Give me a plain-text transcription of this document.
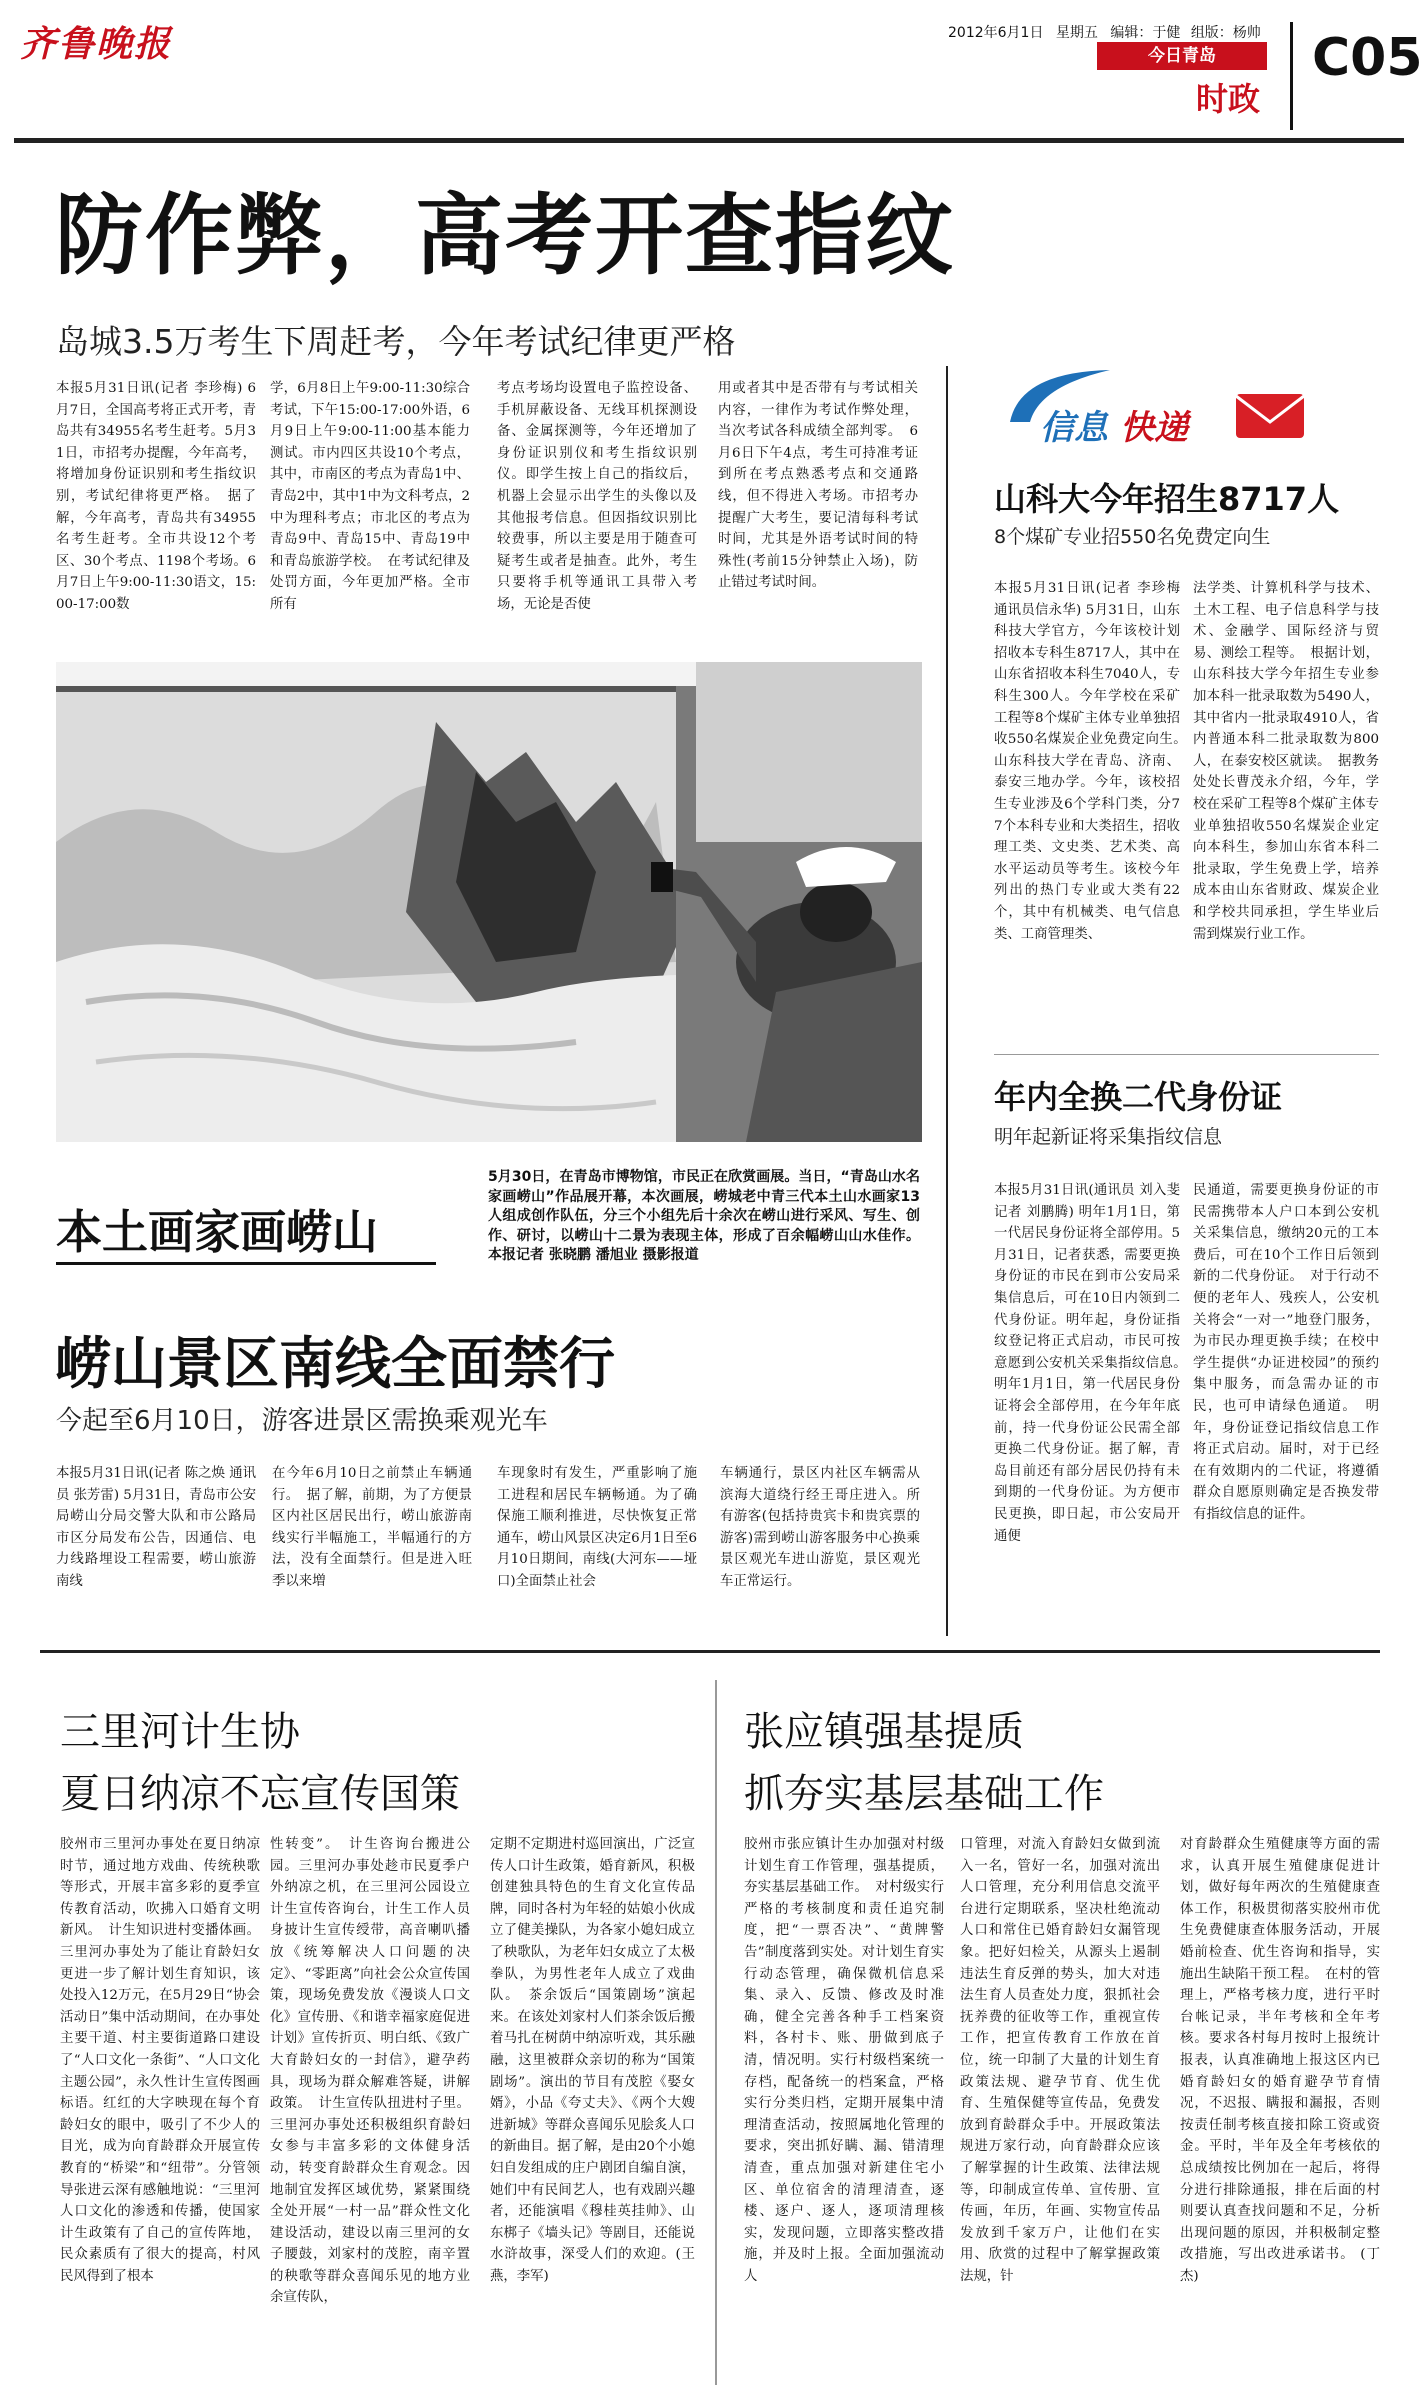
齐鲁晚报	2012年6月1日 星期五 编辑：于健 组版：杨帅
今日青岛
时政
C05
防作弊，高考开查指纹
岛城3.5万考生下周赶考，今年考试纪律更严格
本报5月31日讯(记者 李珍梅) 6月7日，全国高考将正式开考，青岛共有34955名考生赶考。5月31日，市招考办提醒，今年高考，将增加身份证识别和考生指纹识别，考试纪律将更严格。　据了解，今年高考，青岛共有34955名考生赶考。全市共设12个考区、30个考点、1198个考场。6月7日上午9:00-11:30语文，15:00-17:00数
学，6月8日上午9:00-11:30综合考试，下午15:00-17:00外语，6月9日上午9:00-11:00基本能力测试。市内四区共设10个考点，其中，市南区的考点为青岛1中、青岛2中，其中1中为文科考点，2中为理科考点；市北区的考点为青岛9中、青岛15中、青岛19中和青岛旅游学校。　在考试纪律及处罚方面，今年更加严格。全市所有
考点考场均设置电子监控设备、手机屏蔽设备、无线耳机探测设备、金属探测等，今年还增加了身份证识别仪和考生指纹识别仪。即学生按上自己的指纹后，机器上会显示出学生的头像以及其他报考信息。但因指纹识别比较费事，所以主要是用于随查可疑考生或者是抽查。此外，考生只要将手机等通讯工具带入考场，无论是否使
用或者其中是否带有与考试相关内容，一律作为考试作弊处理，当次考试各科成绩全部判零。　6月6日下午4点，考生可持准考证到所在考点熟悉考点和交通路线，但不得进入考场。市招考办提醒广大考生，要记清每科考试时间，尤其是外语考试时间的特殊性(考前15分钟禁止入场)，防止错过考试时间。
本土画家画崂山
5月30日，在青岛市博物馆，市民正在欣赏画展。当日，“青岛山水名家画崂山”作品展开幕，本次画展，崂城老中青三代本土山水画家13人组成创作队伍，分三个小组先后十余次在崂山进行采风、写生、创作、研讨，以崂山十二景为表现主体，形成了百余幅崂山山水佳作。 本报记者 张晓鹏 潘旭业 摄影报道
崂山景区南线全面禁行
今起至6月10日，游客进景区需换乘观光车
本报5月31日讯(记者 陈之焕 通讯员 张芳雷) 5月31日，青岛市公安局崂山分局交警大队和市公路局市区分局发布公告，因通信、电力线路埋设工程需要，崂山旅游南线
在今年6月10日之前禁止车辆通行。　据了解，前期，为了方便景区内社区居民出行，崂山旅游南线实行半幅施工，半幅通行的方法，没有全面禁行。但是进入旺季以来増
车现象时有发生，严重影响了施工进程和居民车辆畅通。为了确保施工顺利推进，尽快恢复正常通车，崂山风景区决定6月1日至6月10日期间，南线(大河东——垭口)全面禁止社会
车辆通行，景区内社区车辆需从滨海大道绕行经王哥庄进入。所有游客(包括持贵宾卡和贵宾票的游客)需到崂山游客服务中心换乘景区观光车进山游览，景区观光车正常运行。
信息 快递
山科大今年招生8717人
8个煤矿专业招550名免费定向生
本报5月31日讯(记者 李珍梅 通讯员信永华) 5月31日，山东科技大学官方，今年该校计划招收本专科生8717人，其中在山东省招收本科生7040人，专科生300人。今年学校在采矿工程等8个煤矿主体专业单独招收550名煤炭企业免费定向生。　山东科技大学在青岛、济南、泰安三地办学。今年，该校招生专业涉及6个学科门类，分77个本科专业和大类招生，招收理工类、文史类、艺术类、高水平运动员等考生。该校今年列出的热门专业或大类有22个，其中有机械类、电气信息类、工商管理类、
法学类、计算机科学与技术、土木工程、电子信息科学与技术、金融学、国际经济与贸易、测绘工程等。　根据计划，山东科技大学今年招生专业参加本科一批录取数为5490人，其中省内一批录取4910人，省内普通本科二批录取数为800人，在泰安校区就读。　据教务处处长曹茂永介绍，今年，学校在采矿工程等8个煤矿主体专业单独招收550名煤炭企业定向本科生，参加山东省本科二批录取，学生免费上学，培养成本由山东省财政、煤炭企业和学校共同承担，学生毕业后需到煤炭行业工作。
年内全换二代身份证
明年起新证将采集指纹信息
本报5月31日讯(通讯员 刘入斐 记者 刘鹏腾) 明年1月1日，第一代居民身份证将全部停用。5月31日，记者获悉，需要更换身份证的市民在到市公安局采集信息后，可在10日内领到二代身份证。明年起，身份证指纹登记将正式启动，市民可按意愿到公安机关采集指纹信息。　明年1月1日，第一代居民身份证将会全部停用，在今年年底前，持一代身份证公民需全部更换二代身份证。据了解，青岛目前还有部分居民仍持有未到期的一代身份证。为方便市民更换，即日起，市公安局开通便
民通道，需要更换身份证的市民需携带本人户口本到公安机关采集信息，缴纳20元的工本费后，可在10个工作日后领到新的二代身份证。　对于行动不便的老年人、残疾人，公安机关将会“一对一”地登门服务，为市民办理更换手续；在校中学生提供“办证进校园”的预约集中服务，而急需办证的市民，也可申请绿色通道。　明年，身份证登记指纹信息工作将正式启动。届时，对于已经在有效期内的二代证，将遵循群众自愿原则确定是否换发带有指纹信息的证件。
三里河计生协
夏日纳凉不忘宣传国策
胶州市三里河办事处在夏日纳凉时节，通过地方戏曲、传统秧歌等形式，开展丰富多彩的夏季宣传教育活动，吹拂入口婚育文明新风。　计生知识进村变播体画。三里河办事处为了能让育龄妇女更进一步了解计划生育知识，该处投入12万元，在5月29日“协会活动日”集中活动期间，在办事处主要干道、村主要街道路口建设了“人口文化一条街”、“人口文化主题公园”，永久性计生宣传图画标语。红红的大字映现在每个育龄妇女的眼中，吸引了不少人的目光，成为向育龄群众开展宣传教育的“桥梁”和“纽带”。分管领导张进云深有感触地说：“三里河人口文化的渗透和传播，使国家计生政策有了自己的宣传阵地，民众素质有了很大的提高，村风民风得到了根本
性转变”。　计生咨询台搬进公园。三里河办事处趁市民夏季户外纳凉之机，在三里河公园设立计生宣传咨询台，计生工作人员身披计生宣传绶带，高音喇叭播放《统筹解决人口问题的决定》、“零距离”向社会公众宣传国策，现场免费发放《漫谈人口文化》宣传册、《和谐幸福家庭促进计划》宣传折页、明白纸、《致广大育龄妇女的一封信》，避孕药具，现场为群众解难答疑，讲解政策。　计生宣传队扭进村子里。三里河办事处还积极组织育龄妇女参与丰富多彩的文体健身活动，转变育龄群众生育观念。因地制宜发挥区域优势，紧紧围绕全处开展“一村一品”群众性文化建设活动，建设以南三里河的女子腰鼓，刘家村的茂腔，南辛置的秧歌等群众喜闻乐见的地方业余宣传队，
定期不定期进村巡回演出，广泛宣传人口计生政策，婚育新风，积极创建独具特色的生育文化宣传品牌，同时各村为年轻的姑娘小伙成立了健美操队，为各家小媳妇成立了秧歌队，为老年妇女成立了太极拳队，为男性老年人成立了戏曲队。　茶余饭后“国策剧场”演起来。在该处刘家村人们茶余饭后搬着马扎在树荫中纳凉听戏，其乐融融，这里被群众亲切的称为“国策剧场”。演出的节目有茂腔《娶女婿》，小品《夸丈夫》、《两个大嫂进新城》等群众喜闻乐见脍炙人口的新曲目。据了解，是由20个小媳妇自发组成的庄户剧团自编自演，她们中有民间艺人，也有戏剧兴趣者，还能演唱《穆桂英挂帅》、山东梆子《墙头记》等剧目，还能说水浒故事，深受人们的欢迎。(王燕，李军)
张应镇强基提质
抓夯实基层基础工作
胶州市张应镇计生办加强对村级计划生育工作管理，强基提质，夯实基层基础工作。　对村级实行严格的考核制度和责任追究制度，把“一票否决”、“黄牌警告”制度落到实处。对计划生育实行动态管理，确保微机信息采集、录入、反馈、修改及时准确，健全完善各种手工档案资料，各村卡、账、册做到底子清，情况明。实行村级档案统一存档，配备统一的档案盒，严格实行分类归档，定期开展集中清理清查活动，按照属地化管理的要求，突出抓好瞒、漏、错清理清查，重点加强对新建住宅小区、单位宿舍的清理清查，逐楼、逐户、逐人，逐项清理核实，发现问题，立即落实整改措施，并及时上报。全面加强流动人
口管理，对流入育龄妇女做到流入一名，管好一名，加强对流出人口管理，充分利用信息交流平台进行定期联系，坚决杜绝流动人口和常住已婚育龄妇女漏管现象。把好妇检关，从源头上遏制违法生育反弹的势头，加大对违法生育人员查处力度，狠抓社会抚养费的征收等工作，重视宣传工作，把宣传教育工作放在首位，统一印制了大量的计划生育政策法规、避孕节育、优生优育、生殖保健等宣传品，免费发放到育龄群众手中。开展政策法规进万家行动，向育龄群众应该了解掌握的计生政策、法律法规等，印制成宣传单、宣传册、宣传画，年历，年画、实物宣传品发放到千家万户，让他们在实用、欣赏的过程中了解掌握政策法规，针
对育龄群众生殖健康等方面的需求，认真开展生殖健康促进计划，做好每年两次的生殖健康查体工作，积极贯彻落实胶州市优生免费健康查体服务活动，开展婚前检查、优生咨询和指导，实施出生缺陷干预工程。　在村的管理上，严格考核力度，进行平时台帐记录，半年考核和全年考核。要求各村每月按时上报统计报表，认真准确地上报这区内已婚育龄妇女的婚育避孕节育情况，不迟报、瞒报和漏报，否则按责任制考核直接扣除工资或资金。平时，半年及全年考核依的总成绩按比例加在一起后，将得分进行排除通报，排在后面的村则要认真查找问题和不足，分析出现问题的原因，并积极制定整改措施，写出改进承诺书。 (丁杰)
